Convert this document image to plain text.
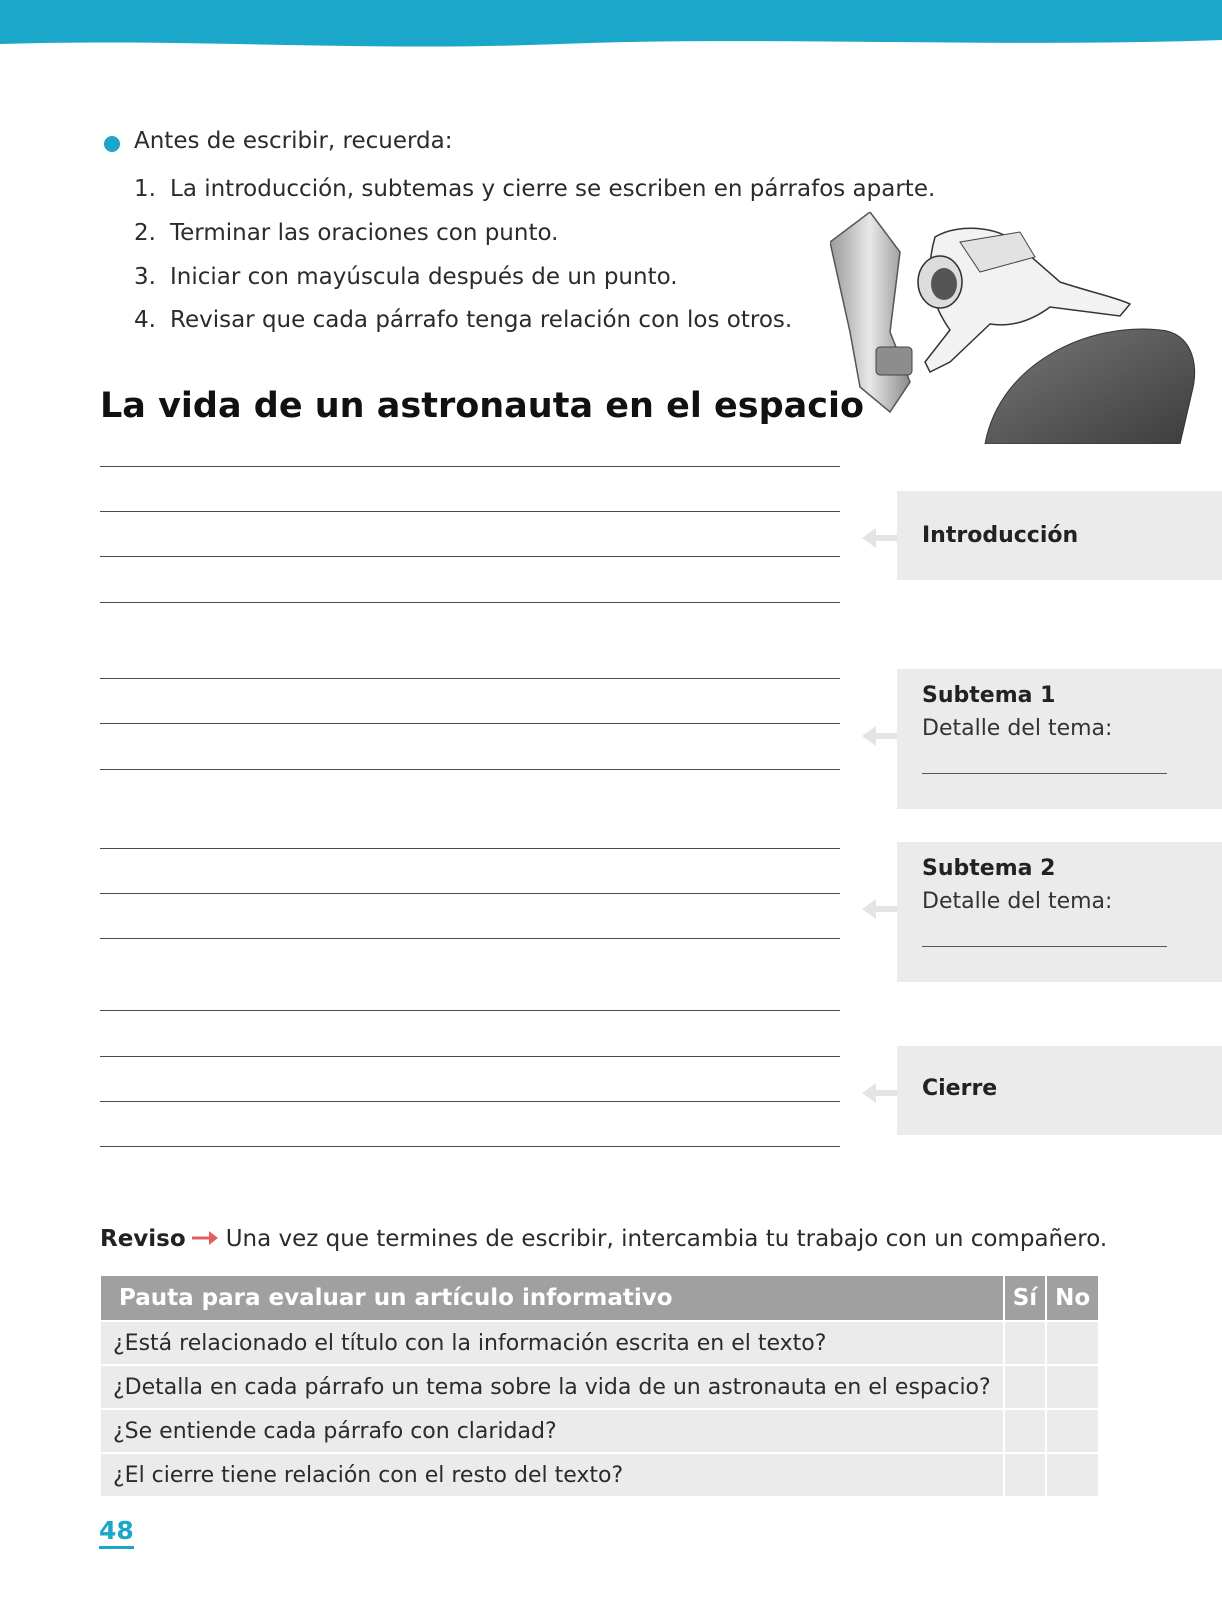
Antes de escribir, recuerda:
1. La introducción, subtemas y cierre se escriben en párrafos aparte.
2. Terminar las oraciones con punto.
3. Iniciar con mayúscula después de un punto.
4. Revisar que cada párrafo tenga relación con los otros.
La vida de un astronauta en el espacio
Introducción
Subtema 1
Detalle del tema:
Subtema 2
Detalle del tema:
Cierre
Reviso Una vez que termines de escribir, intercambia tu trabajo con un compañero.
Pauta para evaluar un artículo informativo	Sí	No
¿Está relacionado el título con la información escrita en el texto?		
¿Detalla en cada párrafo un tema sobre la vida de un astronauta en el espacio?		
¿Se entiende cada párrafo con claridad?		
¿El cierre tiene relación con el resto del texto?		
48
